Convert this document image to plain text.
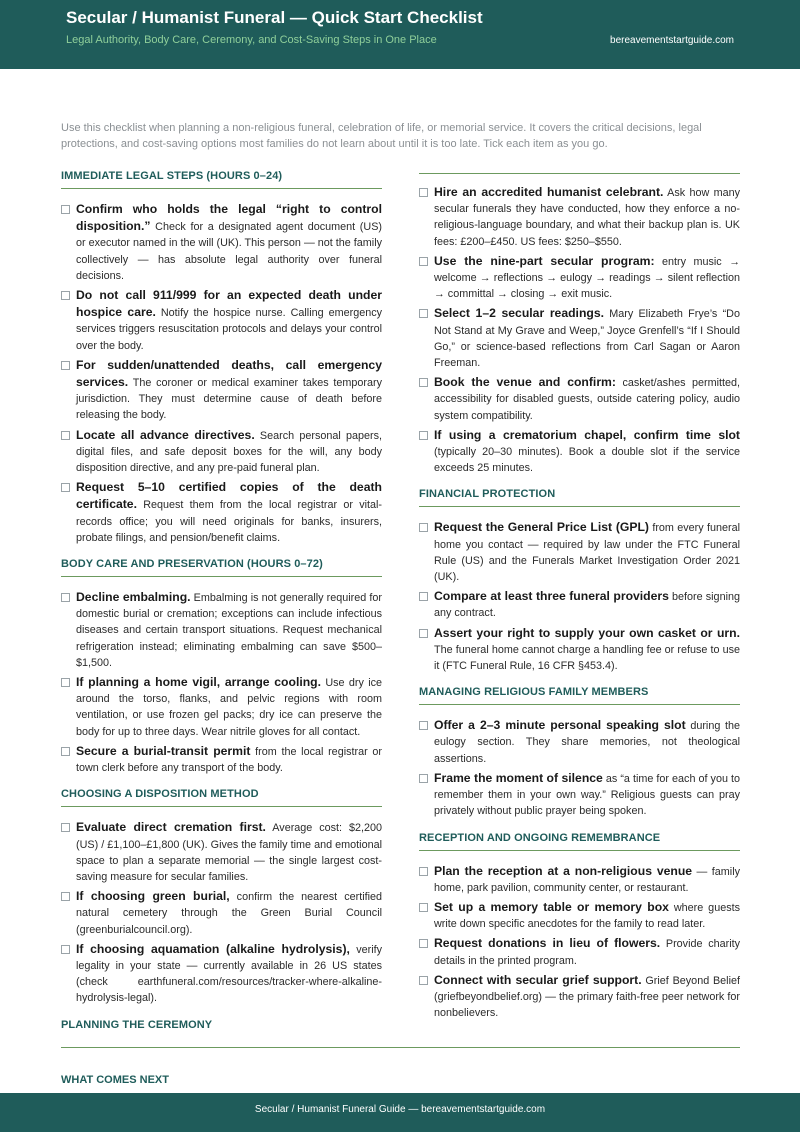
Secular / Humanist Funeral — Quick Start Checklist
Legal Authority, Body Care, Ceremony, and Cost-Saving Steps in One Place	bereavementstartguide.com
Use this checklist when planning a non-religious funeral, celebration of life, or memorial service. It covers the critical decisions, legal protections, and cost-saving options most families do not learn about until it is too late. Tick each item as you go.
IMMEDIATE LEGAL STEPS (HOURS 0–24)
Confirm who holds the legal “right to control disposition.” Check for a designated agent document (US) or executor named in the will (UK). This person — not the family collectively — has absolute legal authority over funeral decisions.
Do not call 911/999 for an expected death under hospice care. Notify the hospice nurse. Calling emergency services triggers resuscitation protocols and delays your control over the body.
For sudden/unattended deaths, call emergency services. The coroner or medical examiner takes temporary jurisdiction. They must determine cause of death before releasing the body.
Locate all advance directives. Search personal papers, digital files, and safe deposit boxes for the will, any body disposition directive, and any pre-paid funeral plan.
Request 5–10 certified copies of the death certificate. Request them from the local registrar or vital-records office; you will need originals for banks, insurers, probate filings, and pension/benefit claims.
BODY CARE AND PRESERVATION (HOURS 0–72)
Decline embalming. Embalming is not generally required for domestic burial or cremation; exceptions can include infectious diseases and certain transport situations. Request mechanical refrigeration instead; eliminating embalming can save $500–$1,500.
If planning a home vigil, arrange cooling. Use dry ice around the torso, flanks, and pelvic regions with room ventilation, or use frozen gel packs; dry ice can preserve the body for up to three days. Wear nitrile gloves for all contact.
Secure a burial-transit permit from the local registrar or town clerk before any transport of the body.
CHOOSING A DISPOSITION METHOD
Evaluate direct cremation first. Average cost: $2,200 (US) / £1,100–£1,800 (UK). Gives the family time and emotional space to plan a separate memorial — the single largest cost-saving measure for secular families.
If choosing green burial, confirm the nearest certified natural cemetery through the Green Burial Council (greenburialcouncil.org).
If choosing aquamation (alkaline hydrolysis), verify legality in your state — currently available in 26 US states (check earthfuneral.com/resources/tracker-where-alkaline-hydrolysis-legal).
PLANNING THE CEREMONY
Hire an accredited humanist celebrant. Ask how many secular funerals they have conducted, how they enforce a no-religious-language boundary, and what their backup plan is. UK fees: £200–£450. US fees: $250–$550.
Use the nine-part secular program: entry music → welcome → reflections → eulogy → readings → silent reflection → committal → closing → exit music.
Select 1–2 secular readings. Mary Elizabeth Frye’s “Do Not Stand at My Grave and Weep,” Joyce Grenfell’s “If I Should Go,” or science-based reflections from Carl Sagan or Aaron Freeman.
Book the venue and confirm: casket/ashes permitted, accessibility for disabled guests, outside catering policy, audio system compatibility.
If using a crematorium chapel, confirm time slot (typically 20–30 minutes). Book a double slot if the service exceeds 25 minutes.
FINANCIAL PROTECTION
Request the General Price List (GPL) from every funeral home you contact — required by law under the FTC Funeral Rule (US) and the Funerals Market Investigation Order 2021 (UK).
Compare at least three funeral providers before signing any contract.
Assert your right to supply your own casket or urn. The funeral home cannot charge a handling fee or refuse to use it (FTC Funeral Rule, 16 CFR §453.4).
MANAGING RELIGIOUS FAMILY MEMBERS
Offer a 2–3 minute personal speaking slot during the eulogy section. They share memories, not theological assertions.
Frame the moment of silence as “a time for each of you to remember them in your own way.” Religious guests can pray privately without public prayer being spoken.
RECEPTION AND ONGOING REMEMBRANCE
Plan the reception at a non-religious venue — family home, park pavilion, community center, or restaurant.
Set up a memory table or memory box where guests write down specific anecdotes for the family to read later.
Request donations in lieu of flowers. Provide charity details in the printed program.
Connect with secular grief support. Grief Beyond Belief (griefbeyondbelief.org) — the primary faith-free peer network for nonbelievers.
WHAT COMES NEXT
Secular / Humanist Funeral Guide — bereavementstartguide.com
